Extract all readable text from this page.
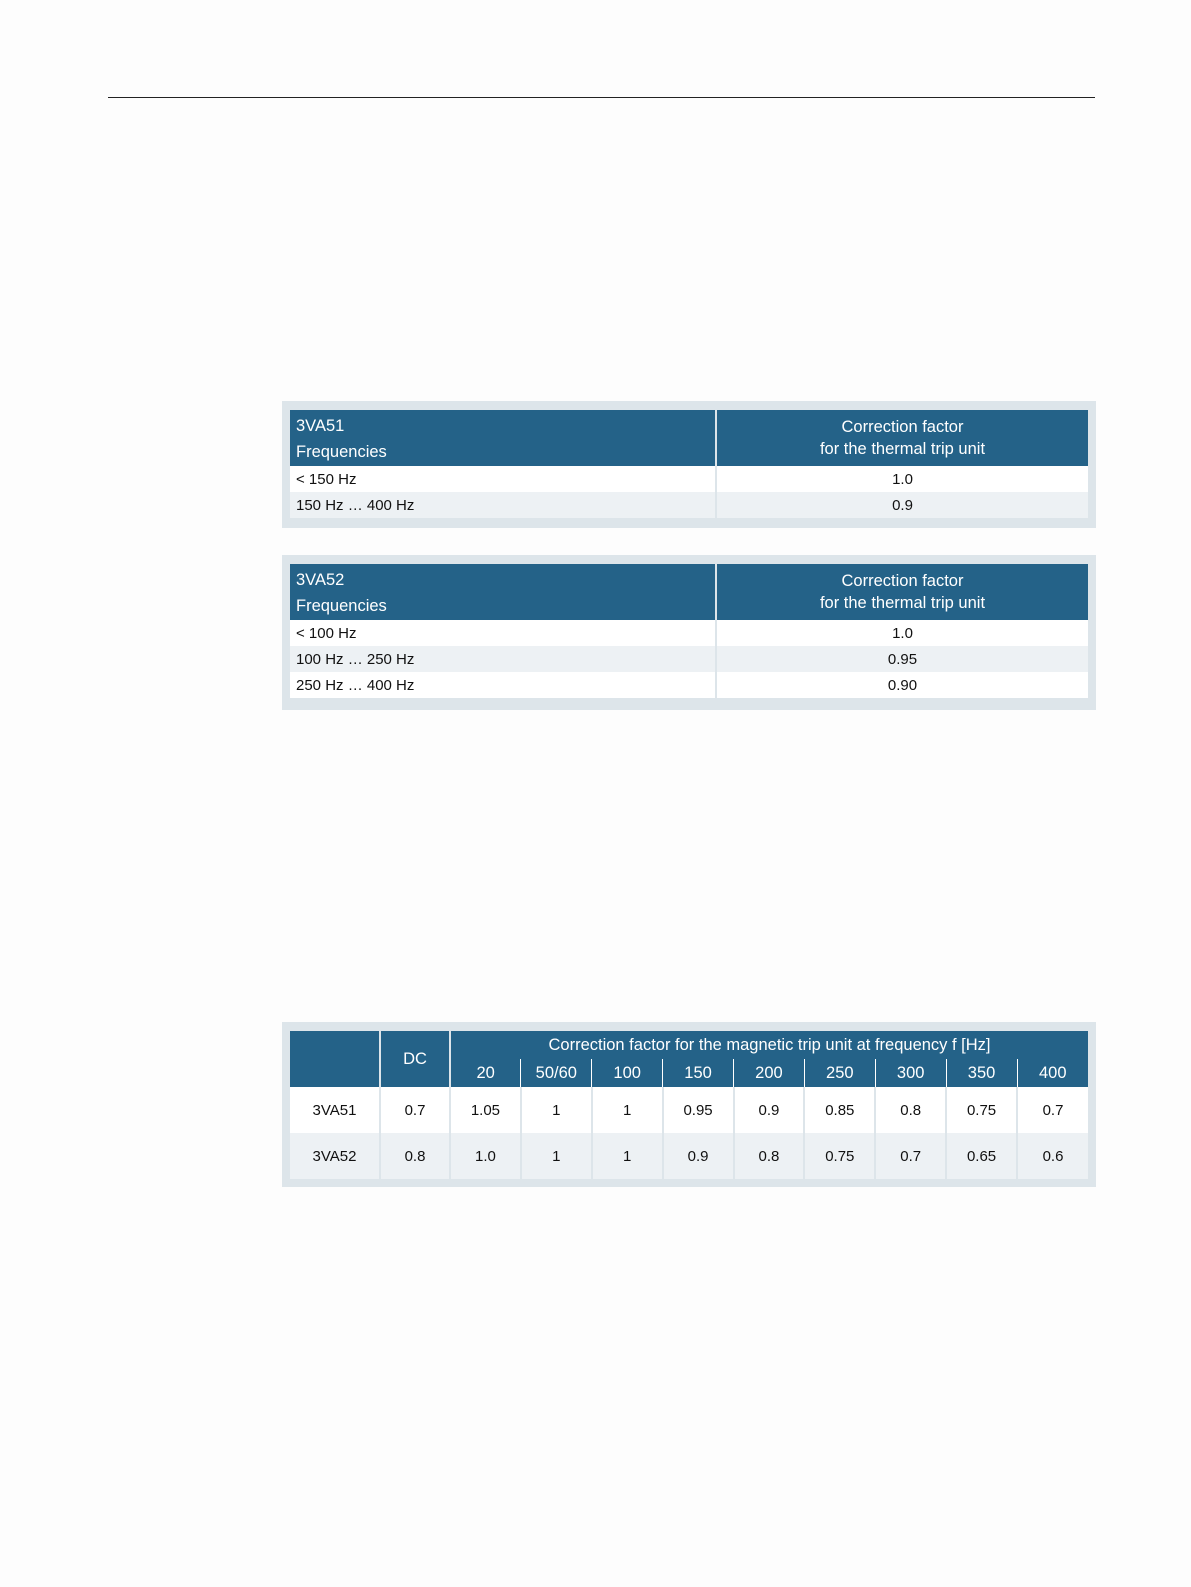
3VA51
Frequencies	Correction factor
for the thermal trip unit

< 150 Hz	1.0
150 Hz … 400 Hz	0.9
3VA52
Frequencies	Correction factor
for the thermal trip unit

< 100 Hz	1.0
100 Hz … 250 Hz	0.95
250 Hz … 400 Hz	0.90
	DC	Correction factor for the magnetic trip unit at frequency f [Hz]								
		20	50/60	100	150	200	250	300	350	400
3VA51	0.7	1.05	1	1	0.95	0.9	0.85	0.8	0.75	0.7
3VA52	0.8	1.0	1	1	0.9	0.8	0.75	0.7	0.65	0.6
